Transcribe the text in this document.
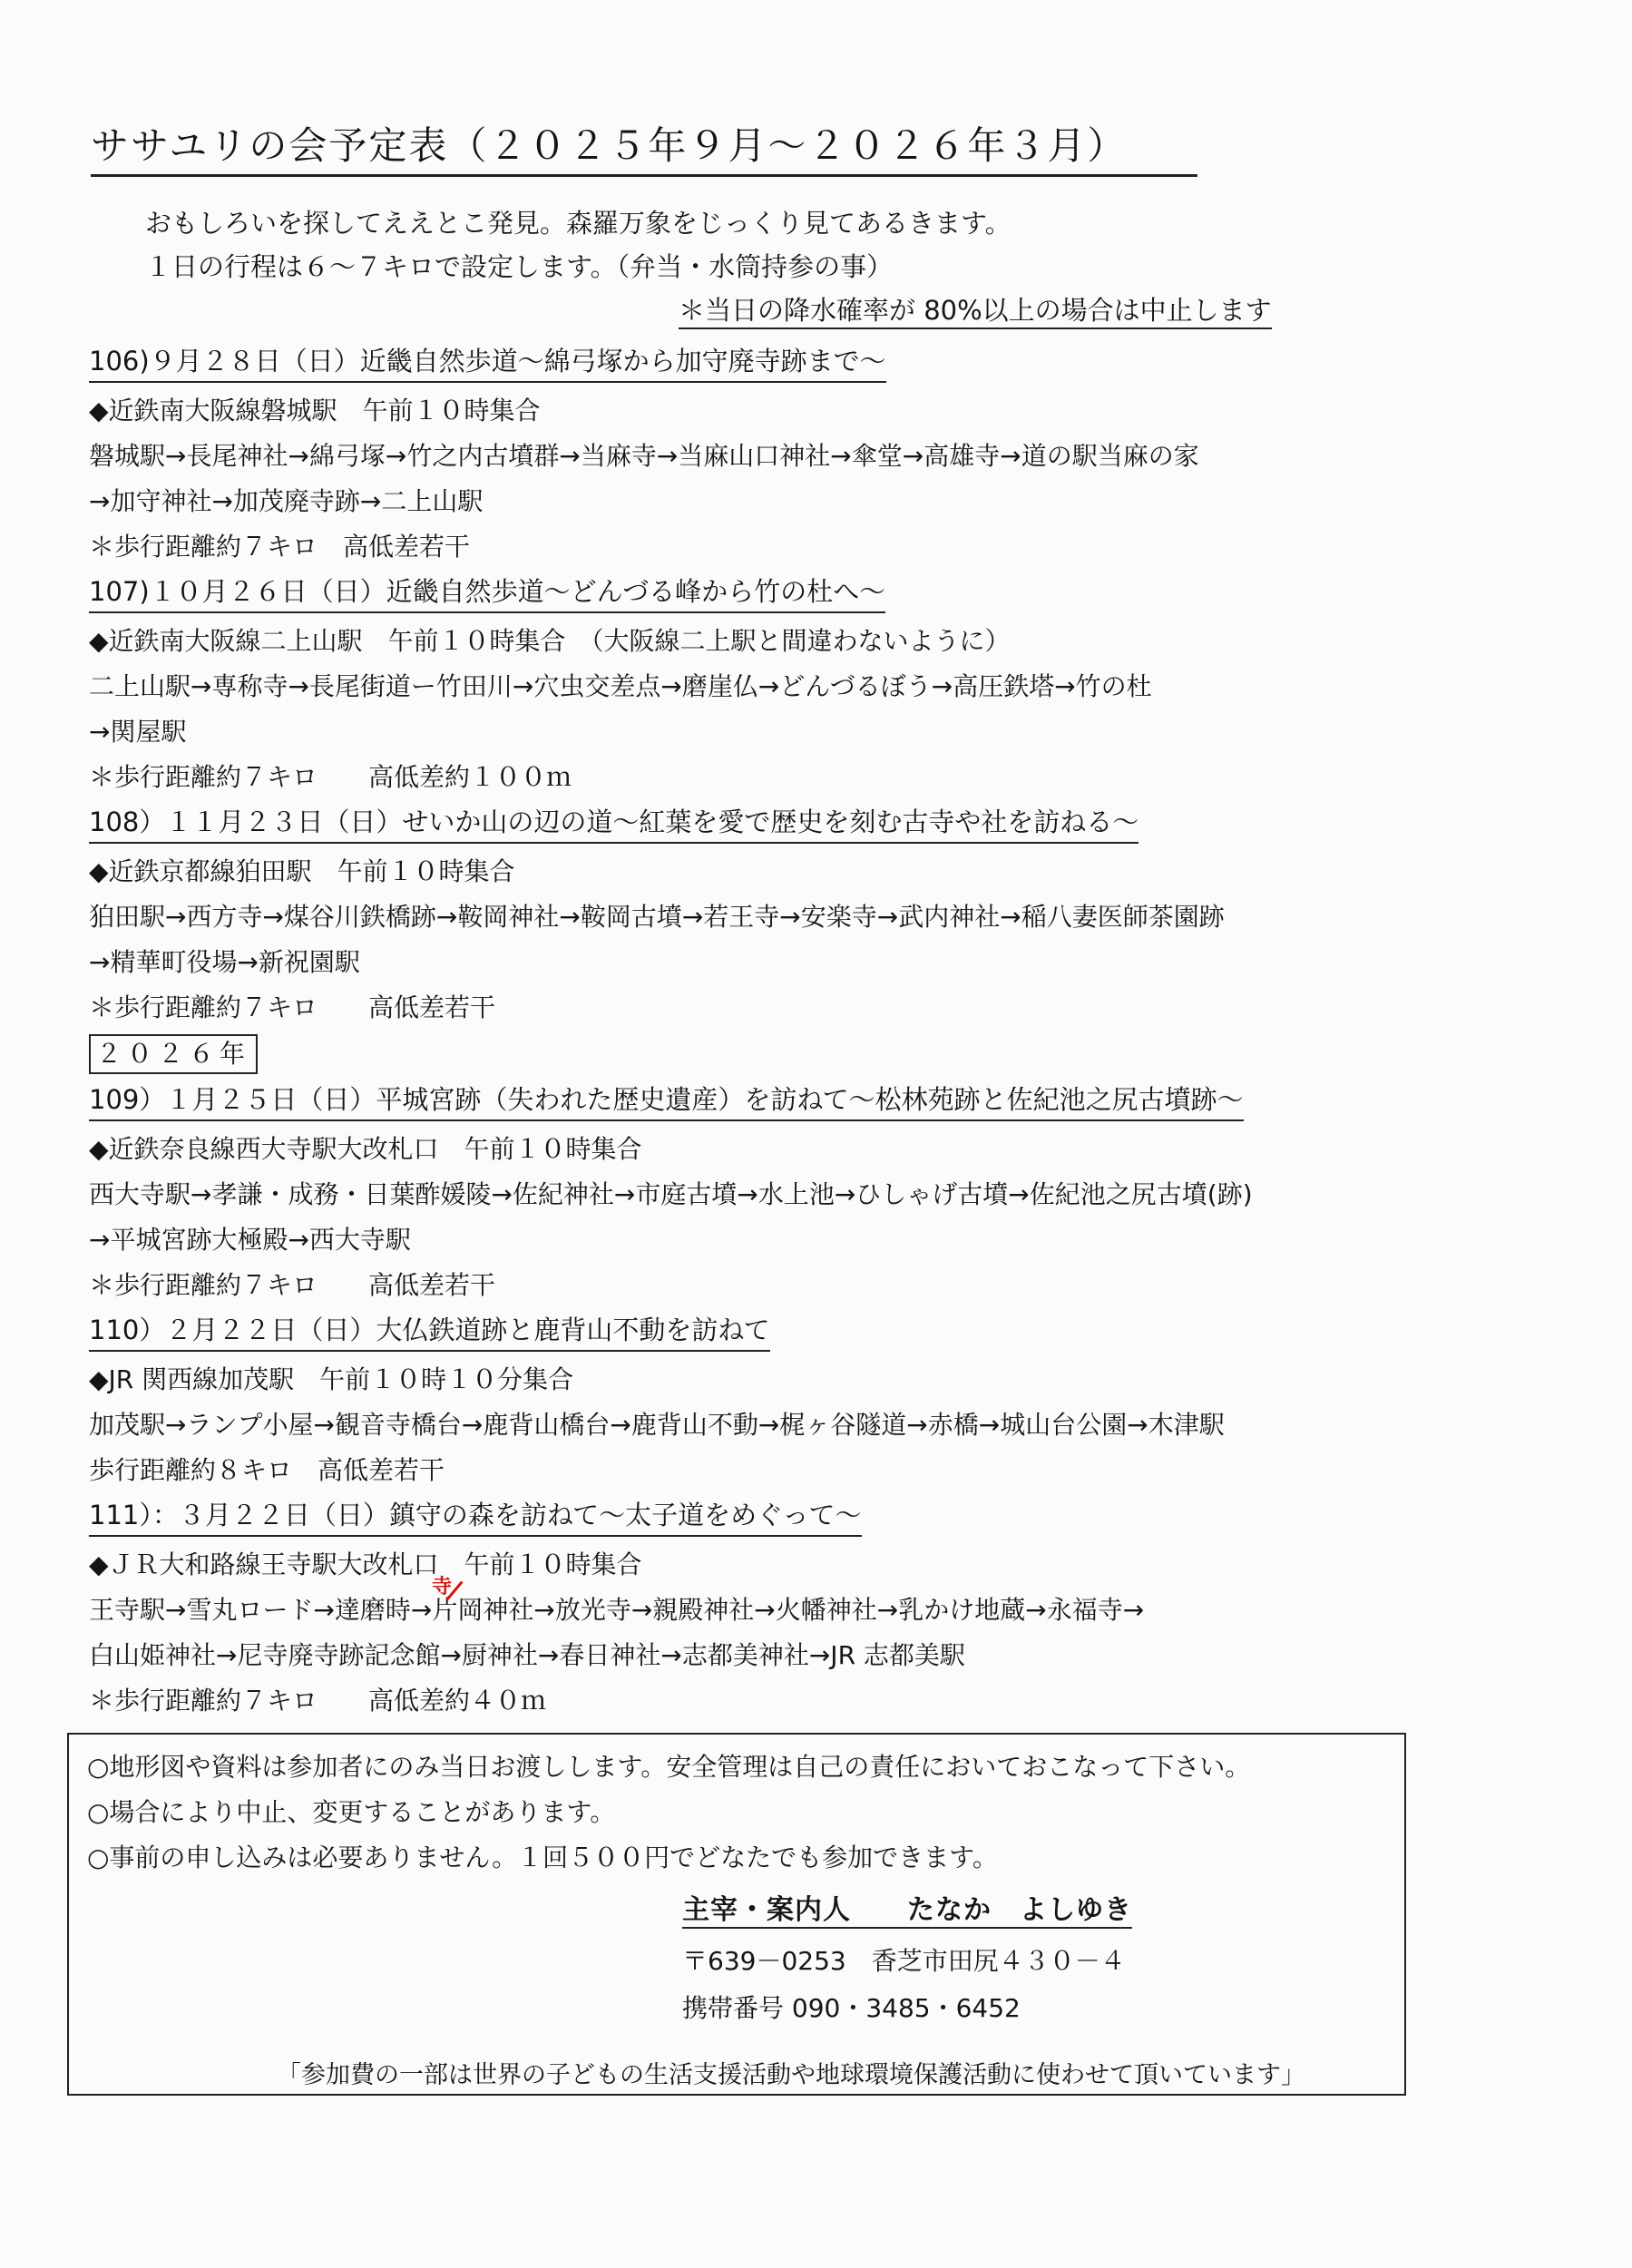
ササユリの会予定表（２０２５年９月～２０２６年３月）
おもしろいを探してええとこ発見。森羅万象をじっくり見てあるきます。
１日の行程は６～７キロで設定します。（弁当・水筒持参の事）
＊当日の降水確率が 80%以上の場合は中止します
106)９月２８日（日）近畿自然歩道～綿弓塚から加守廃寺跡まで～
◆近鉄南大阪線磐城駅　午前１０時集合
磐城駅→長尾神社→綿弓塚→竹之内古墳群→当麻寺→当麻山口神社→傘堂→高雄寺→道の駅当麻の家
→加守神社→加茂廃寺跡→二上山駅
＊歩行距離約７キロ　高低差若干
107)１０月２６日（日）近畿自然歩道～どんづる峰から竹の杜へ～
◆近鉄南大阪線二上山駅　午前１０時集合　（大阪線二上駅と間違わないように）
二上山駅→専称寺→長尾街道ー竹田川→穴虫交差点→磨崖仏→どんづるぼう→高圧鉄塔→竹の杜
→関屋駅
＊歩行距離約７キロ　　高低差約１００ｍ
108）１１月２３日（日）せいか山の辺の道～紅葉を愛で歴史を刻む古寺や社を訪ねる～
◆近鉄京都線狛田駅　午前１０時集合
狛田駅→西方寺→煤谷川鉄橋跡→鞍岡神社→鞍岡古墳→若王寺→安楽寺→武内神社→稲八妻医師茶園跡
→精華町役場→新祝園駅
＊歩行距離約７キロ　　高低差若干
２０２６年
109）１月２５日（日）平城宮跡（失われた歴史遺産）を訪ねて～松林苑跡と佐紀池之尻古墳跡～
◆近鉄奈良線西大寺駅大改札口　午前１０時集合
西大寺駅→孝謙・成務・日葉酢媛陵→佐紀神社→市庭古墳→水上池→ひしゃげ古墳→佐紀池之尻古墳(跡)
→平城宮跡大極殿→西大寺駅
＊歩行距離約７キロ　　高低差若干
110）２月２２日（日）大仏鉄道跡と鹿背山不動を訪ねて
◆JR 関西線加茂駅　午前１０時１０分集合
加茂駅→ランプ小屋→観音寺橋台→鹿背山橋台→鹿背山不動→梶ヶ谷隧道→赤橋→城山台公園→木津駅
歩行距離約８キロ　高低差若干
111）：３月２２日（日）鎮守の森を訪ねて～太子道をめぐって～
◆ＪＲ大和路線王寺駅大改札口　午前１０時集合
王寺駅→雪丸ロード→達磨時→片岡神社→放光寺→親殿神社→火幡神社→乳かけ地蔵→永福寺→
白山姫神社→尼寺廃寺跡記念館→厨神社→春日神社→志都美神社→JR 志都美駅
＊歩行距離約７キロ　　高低差約４０ｍ
寺
○地形図や資料は参加者にのみ当日お渡しします。安全管理は自己の責任においておこなって下さい。
○場合により中止、変更することがあります。
○事前の申し込みは必要ありません。１回５００円でどなたでも参加できます。
主宰・案内人　　たなか　よしゆき
〒639－0253　香芝市田尻４３０－４
携帯番号 090・3485・6452
「参加費の一部は世界の子どもの生活支援活動や地球環境保護活動に使わせて頂いています」
